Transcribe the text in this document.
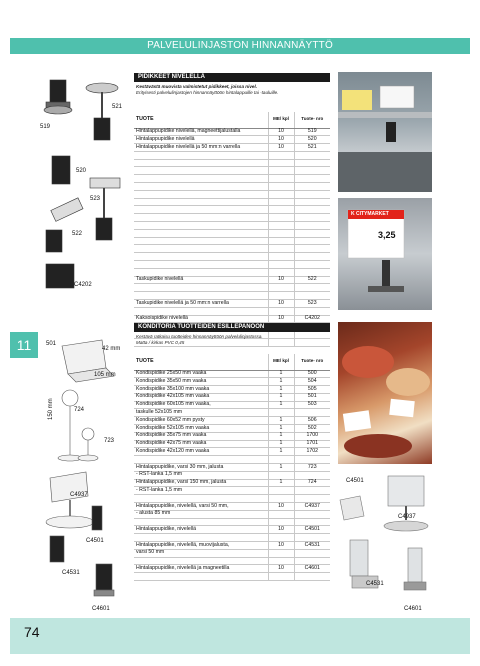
PALVELULINJASTON HINNANNÄYTTÖ
PIDIKKEET NIVELELLÄ
Kestävästä muovista valmistetut pidikkeet, joissa nivel.
Erityisesti palvelulinjastojen hinnannäyttöön hintalappuille tai -tauluille.
TUOTE	ME/ kpl	Tuote- nro
Hintalappupidike nivelellä, magneettijalustalla	10	519
Hintalappupidike nivelellä	10	520
Hintalappupidike nivelellä ja 50 mm:n varrella	10	521

Taskupidike nivelellä	10	522

Taskupidike nivelellä ja 50 mm:n varrella	10	523

Kaksoispidike nivelellä	10	C4202

KONDITORIA TUOTTEIDEN ESILLEPANOON
Kestävä ratkaisu tuotteiden hinnannäyttöön palvelulinjastossa.
Matta / kirkas PVC 0,45
TUOTE	ME/ kpl	Tuote- nro
Kondispidike 25x50 mm vaaka	1	500
Kondispidike 35x50 mm vaaka	1	504
Kondispidike 35x100 mm vaaka	1	505
Kondispidike 42x105 mm vaaka	1	501
Kondispidike 60x105 mm vaaka,	1	503
taskulle 52x105 mm		
Kondispidike 60x52 mm pysty	1	506
Kondispidike 52x105 mm vaaka	1	502
Kondispidike 35x75 mm vaaka	1	1700
Kondispidike 42x75 mm vaaka	1	1701
Kondispidike 42x120 mm vaaka	1	1702

Hintalappupidike, varsi 30 mm, jalusta	1	723
- RST-lanka 1,5 mm		
Hintalappupidike, varsi 150 mm, jalusta	1	724
- RST-lanka 1,5 mm		

Hintalappupidike, nivelellä, varsi 50 mm,	10	C4937
- alusta 85 mm		

Hintalappupidike, nivelellä	10	C4501

Hintalappupidike, nivelellä, muovijalusta,	10	C4531
varsi 50 mm		

Hintalappupidike, nivelellä ja magneetilla	10	C4601

11
521
519
520
523
522
C4202
501
42 mm
105 mm
724
150 mm
723
C4937
C4501
C4531
C4601
K CITYMARKET
3,25
C4501
C4937
C4531
C4601
74
